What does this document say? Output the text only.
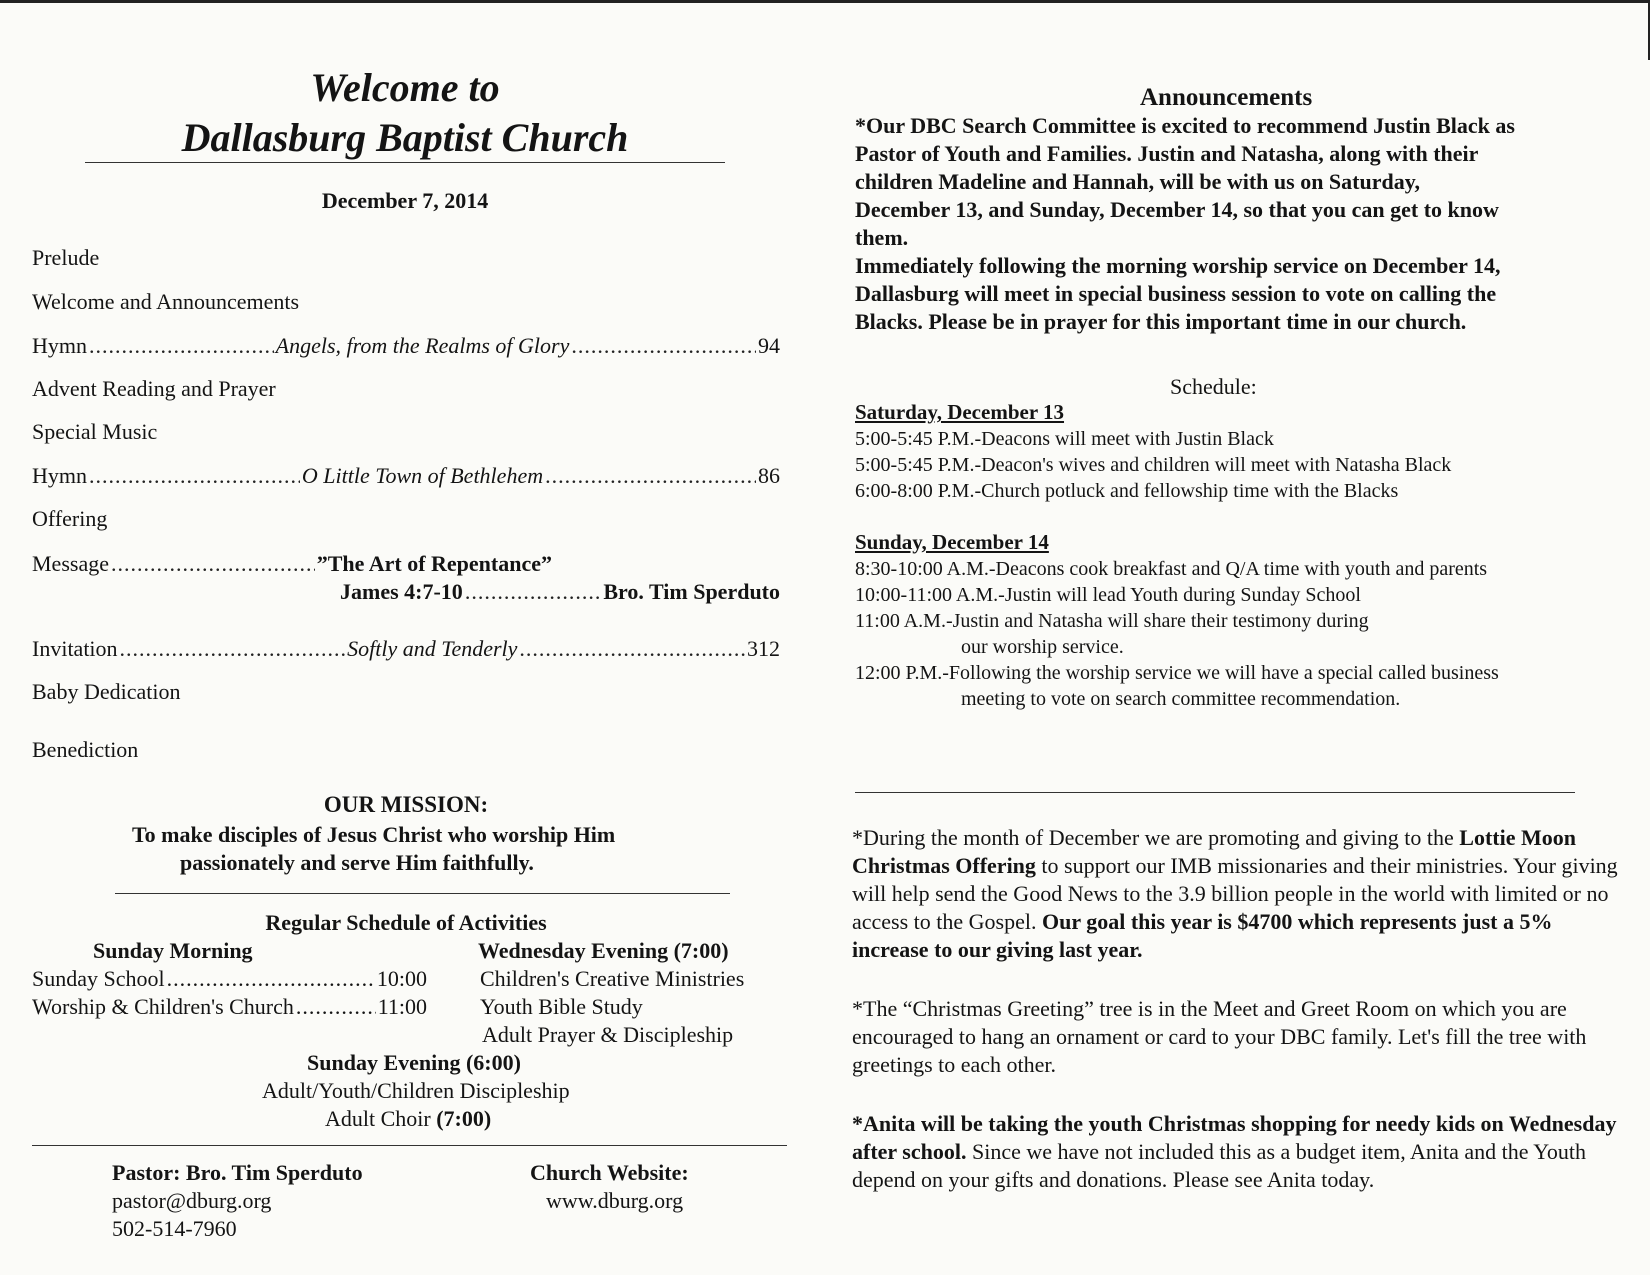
Welcome to
Dallasburg Baptist Church
December 7, 2014
Prelude
Welcome and Announcements
Hymn .....	Angels, from the Realms of Glory .....	94
Advent Reading and Prayer
Special Music
Hymn .....	O Little Town of Bethlehem .....	86
Offering
Message .....	”The Art of Repentance”
James 4:7-10 .....	Bro. Tim Sperduto
Invitation .....	Softly and Tenderly .....	312
Baby Dedication
Benediction
OUR MISSION:
To make disciples of Jesus Christ who worship Him
passionately and serve Him faithfully.
Regular Schedule of Activities
Sunday Morning
Sunday School .....	10:00
Worship & Children's Church .....	11:00
Wednesday Evening (7:00)
Children's Creative Ministries
Youth Bible Study
Adult Prayer & Discipleship
Sunday Evening (6:00)
Adult/Youth/Children Discipleship
Adult Choir (7:00)
Pastor: Bro. Tim Sperduto
pastor@dburg.org
502-514-7960
Church Website:
www.dburg.org
Announcements

*Our DBC Search Committee is excited to recommend Justin Black as

Pastor of Youth and Families. Justin and Natasha, along with their

children Madeline and Hannah, will be with us on Saturday,

December 13, and Sunday, December 14, so that you can get to know

them.

Immediately following the morning worship service on December 14,

Dallasburg will meet in special business session to vote on calling the

Blacks. Please be in prayer for this important time in our church.

Schedule:
Saturday, December 13
5:00-5:45 P.M.-Deacons will meet with Justin Black
5:00-5:45 P.M.-Deacon's wives and children will meet with Natasha Black
6:00-8:00 P.M.-Church potluck and fellowship time with the Blacks
Sunday, December 14
8:30-10:00 A.M.-Deacons cook breakfast and Q/A time with youth and parents
10:00-11:00 A.M.-Justin will lead Youth during Sunday School
11:00 A.M.-Justin and Natasha will share their testimony during
our worship service.
12:00 P.M.-Following the worship service we will have a special called business
meeting to vote on search committee recommendation.

*During the month of December we are promoting and giving to the Lottie Moon Christmas Offering to support our IMB missionaries and their ministries. Your giving will help send the Good News to the 3.9 billion people in the world with limited or no access to the Gospel. Our goal this year is $4700 which represents just a 5% increase to our giving last year.

*The “Christmas Greeting” tree is in the Meet and Greet Room on which you are encouraged to hang an ornament or card to your DBC family. Let's fill the tree with greetings to each other.

*Anita will be taking the youth Christmas shopping for needy kids on Wednesday after school. Since we have not included this as a budget item, Anita and the Youth depend on your gifts and donations. Please see Anita today.
